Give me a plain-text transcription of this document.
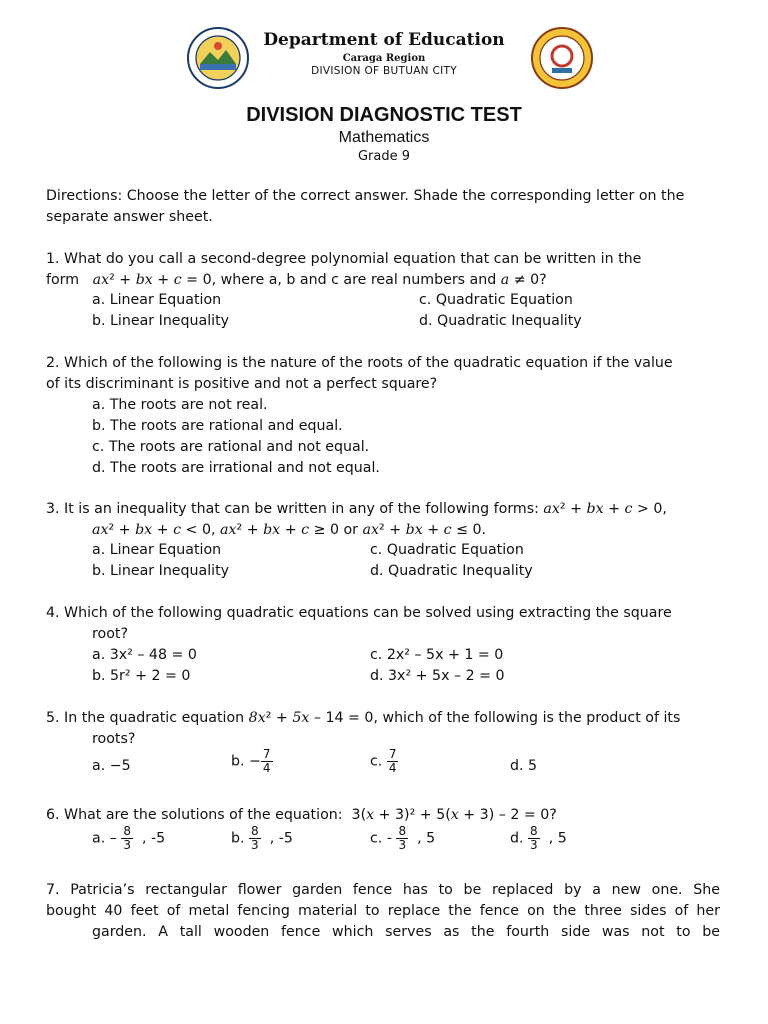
Department of Education
Caraga Region
DIVISION OF BUTUAN CITY
DIVISION DIAGNOSTIC TEST
Mathematics
Grade 9
Directions: Choose the letter of the correct answer. Shade the corresponding letter on the
separate answer sheet.
1. What do you call a second-degree polynomial equation that can be written in the
form   ax² + bx + c = 0, where a, b and c are real numbers and a ≠ 0?
a. Linear Equation	c. Quadratic Equation
b. Linear Inequality	d. Quadratic Inequality
2. Which of the following is the nature of the roots of the quadratic equation if the value
of its discriminant is positive and not a perfect square?
a. The roots are not real.
b. The roots are rational and equal.
c. The roots are rational and not equal.
d. The roots are irrational and not equal.
3. It is an inequality that can be written in any of the following forms: ax² + bx + c > 0,
ax² + bx + c < 0, ax² + bx + c ≥ 0 or ax² + bx + c ≤ 0.
a. Linear Equation	c. Quadratic Equation
b. Linear Inequality	d. Quadratic Inequality
4. Which of the following quadratic equations can be solved using extracting the square
root?
a. 3x² – 48 = 0	c. 2x² – 5x + 1 = 0
b. 5r² + 2 = 0	d. 3x² + 5x – 2 = 0
5. In the quadratic equation 8x² + 5x – 14 = 0, which of the following is the product of its
roots?
a. −5	b. − $\frac{7}{4}$	c. $\frac{7}{4}$	d. 5
6. What are the solutions of the equation:  3(x + 3)² + 5(x + 3) – 2 = 0?
a. – $\frac{8}{3}$ , -5	b. $\frac{8}{3}$ , -5	c. - $\frac{8}{3}$ , 5	d. $\frac{8}{3}$ , 5
7. Patricia’s rectangular flower garden fence has to be replaced by a new one. She
bought 40 feet of metal fencing material to replace the fence on the three sides of her
garden. A tall wooden fence which serves as the fourth side was not to be
